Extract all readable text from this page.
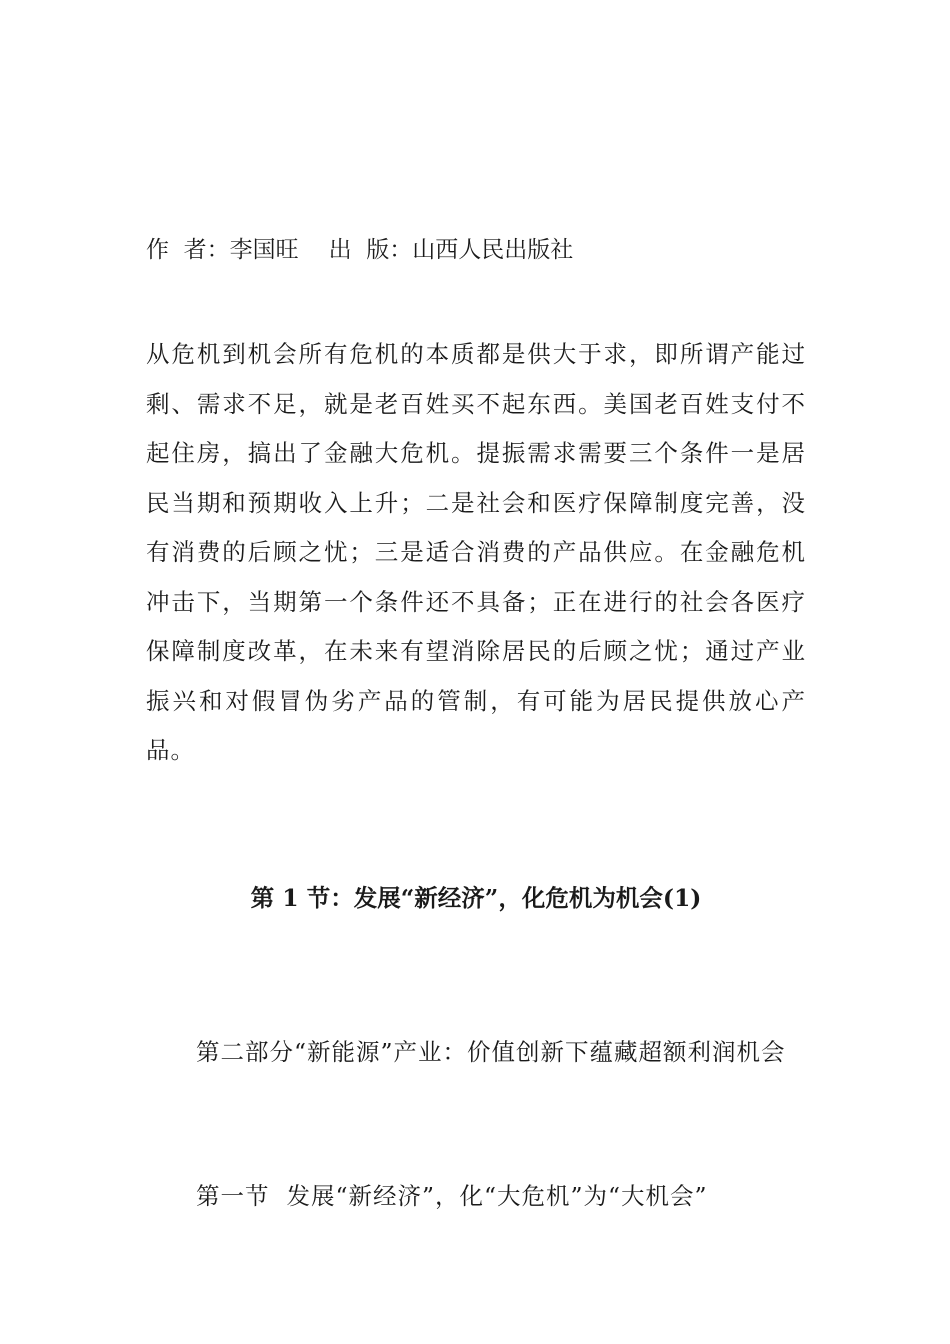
作  者：李国旺 出  版：山西人民出版社

从危机到机会所有危机的本质都是供大于求，即所谓产能过剩、需求不足，就是老百姓买不起东西。美国老百姓支付不起住房，搞出了金融大危机。提振需求需要三个条件一是居民当期和预期收入上升；二是社会和医疗保障制度完善，没有消费的后顾之忧；三是适合消费的产品供应。在金融危机冲击下，当期第一个条件还不具备；正在进行的社会各医疗保障制度改革，在未来有望消除居民的后顾之忧；通过产业振兴和对假冒伪劣产品的管制，有可能为居民提供放心产品。

第 1 节：发展“新经济”，化危机为机会(1)

第二部分“新能源”产业：价值创新下蕴藏超额利润机会

第一节  发展“新经济”，化“大危机”为“大机会”
